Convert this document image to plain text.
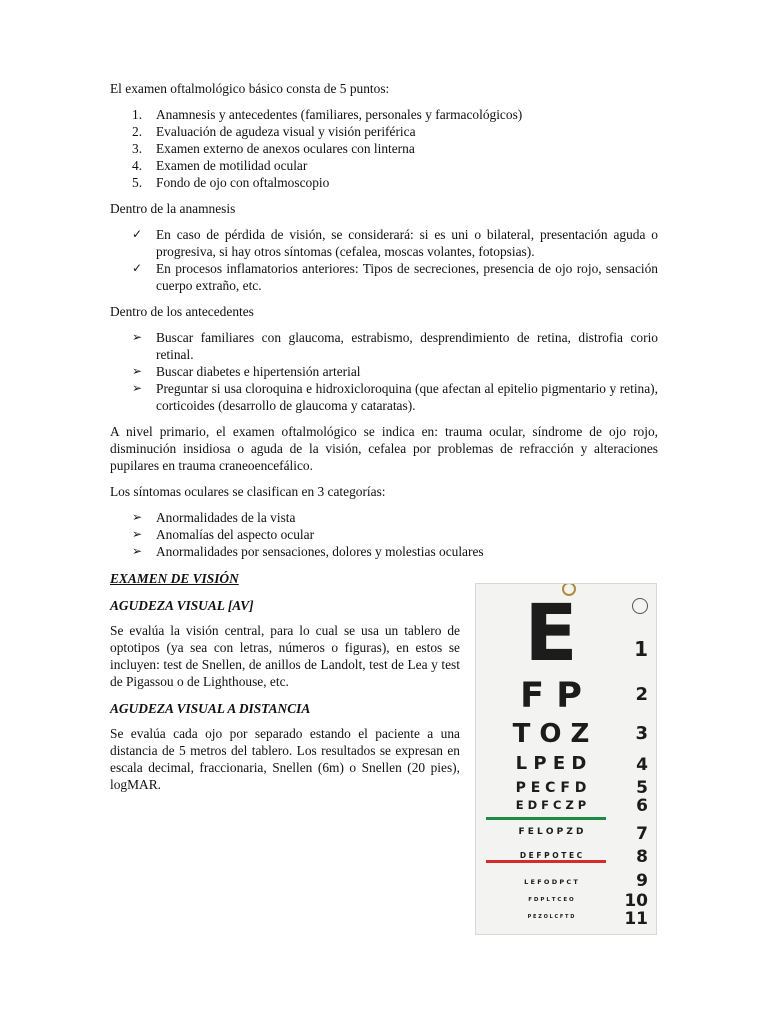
El examen oftalmológico básico consta de 5 puntos:

1. Anamnesis y antecedentes (familiares, personales y farmacológicos)
2. Evaluación de agudeza visual y visión periférica
3. Examen externo de anexos oculares con linterna
4. Examen de motilidad ocular
5. Fondo de ojo con oftalmoscopio

Dentro de la anamnesis

✓ En caso de pérdida de visión, se considerará: si es uni o bilateral, presentación aguda o progresiva, si hay otros síntomas (cefalea, moscas volantes, fotopsias).
✓ En procesos inflamatorios anteriores: Tipos de secreciones, presencia de ojo rojo, sensación cuerpo extraño, etc.

Dentro de los antecedentes

➢ Buscar familiares con glaucoma, estrabismo, desprendimiento de retina, distrofia corio retinal.
➢ Buscar diabetes e hipertensión arterial
➢ Preguntar si usa cloroquina e hidroxicloroquina (que afectan al epitelio pigmentario y retina), corticoides (desarrollo de glaucoma y cataratas).

A nivel primario, el examen oftalmológico se indica en: trauma ocular, síndrome de ojo rojo, disminución insidiosa o aguda de la visión, cefalea por problemas de refracción y alteraciones pupilares en trauma craneoencefálico.

Los síntomas oculares se clasifican en 3 categorías:

➢ Anormalidades de la vista
➢ Anomalías del aspecto ocular
➢ Anormalidades por sensaciones, dolores y molestias oculares
EXAMEN DE VISIÓN
AGUDEZA VISUAL [AV]

Se evalúa la visión central, para lo cual se usa un tablero de optotipos (ya sea con letras, números o figuras), en estos se incluyen: test de Snellen, de anillos de Landolt, test de Lea y test de Pigassou o de Lighthouse, etc.

AGUDEZA VISUAL A DISTANCIA

Se evalúa cada ojo por separado estando el paciente a una distancia de 5 metros del tablero. Los resultados se expresan en escala decimal, fraccionaria, Snellen (6m) o Snellen (20 pies), logMAR.

E	1
F P	2
T O Z	3
L P E D	4
P E C F D	5
E D F C Z P	6
F E L O P Z D	7
D E F P O T E C	8
L E F O D P C T	9
F D P L T C E O	10
P E Z O L C F T D	11
